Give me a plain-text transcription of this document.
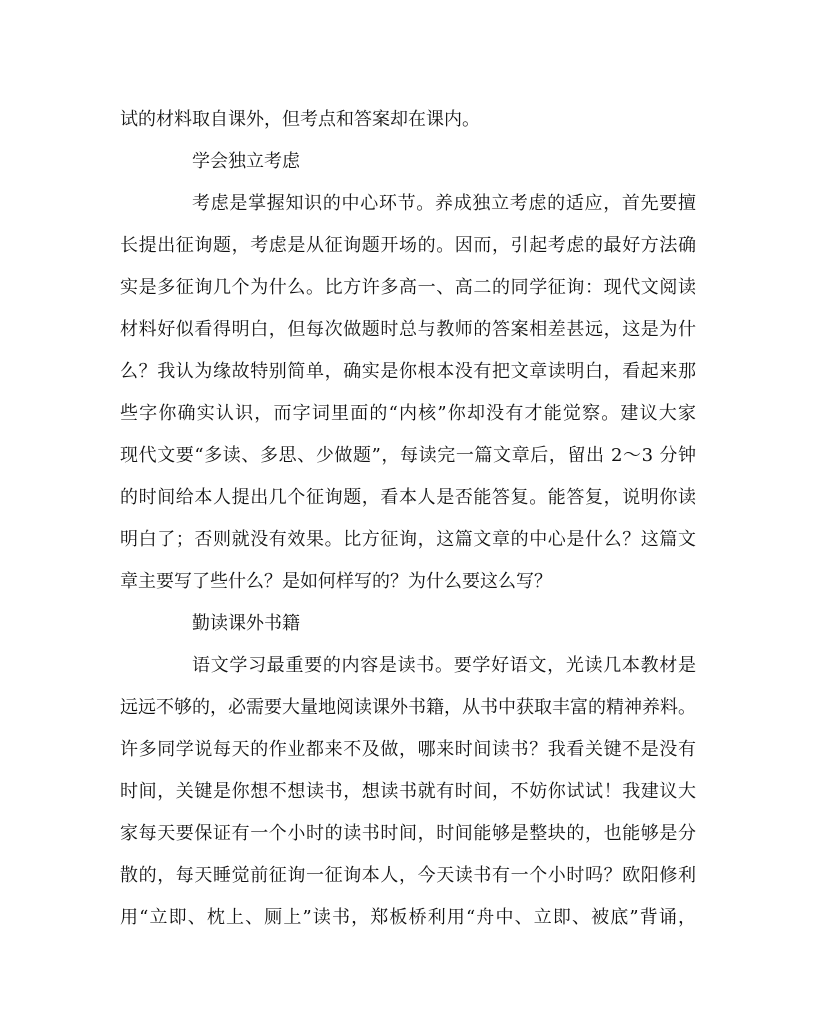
试的材料取自课外，但考点和答案却在课内。
学会独立考虑
考虑是掌握知识的中心环节。养成独立考虑的适应，首先要擅
长提出征询题，考虑是从征询题开场的。因而，引起考虑的最好方法确
实是多征询几个为什么。比方许多高一、高二的同学征询：现代文阅读
材料好似看得明白，但每次做题时总与教师的答案相差甚远，这是为什
么？我认为缘故特别简单，确实是你根本没有把文章读明白，看起来那
些字你确实认识，而字词里面的“内核”你却没有才能觉察。建议大家
现代文要“多读、多思、少做题”，每读完一篇文章后，留出 2～3 分钟
的时间给本人提出几个征询题，看本人是否能答复。能答复，说明你读
明白了；否则就没有效果。比方征询，这篇文章的中心是什么？这篇文
章主要写了些什么？是如何样写的？为什么要这么写？
勤读课外书籍
语文学习最重要的内容是读书。要学好语文，光读几本教材是
远远不够的，必需要大量地阅读课外书籍，从书中获取丰富的精神养料。
许多同学说每天的作业都来不及做，哪来时间读书？我看关键不是没有
时间，关键是你想不想读书，想读书就有时间，不妨你试试！我建议大
家每天要保证有一个小时的读书时间，时间能够是整块的，也能够是分
散的，每天睡觉前征询一征询本人，今天读书有一个小时吗？欧阳修利
用“立即、枕上、厕上”读书，郑板桥利用“舟中、立即、被底”背诵，
